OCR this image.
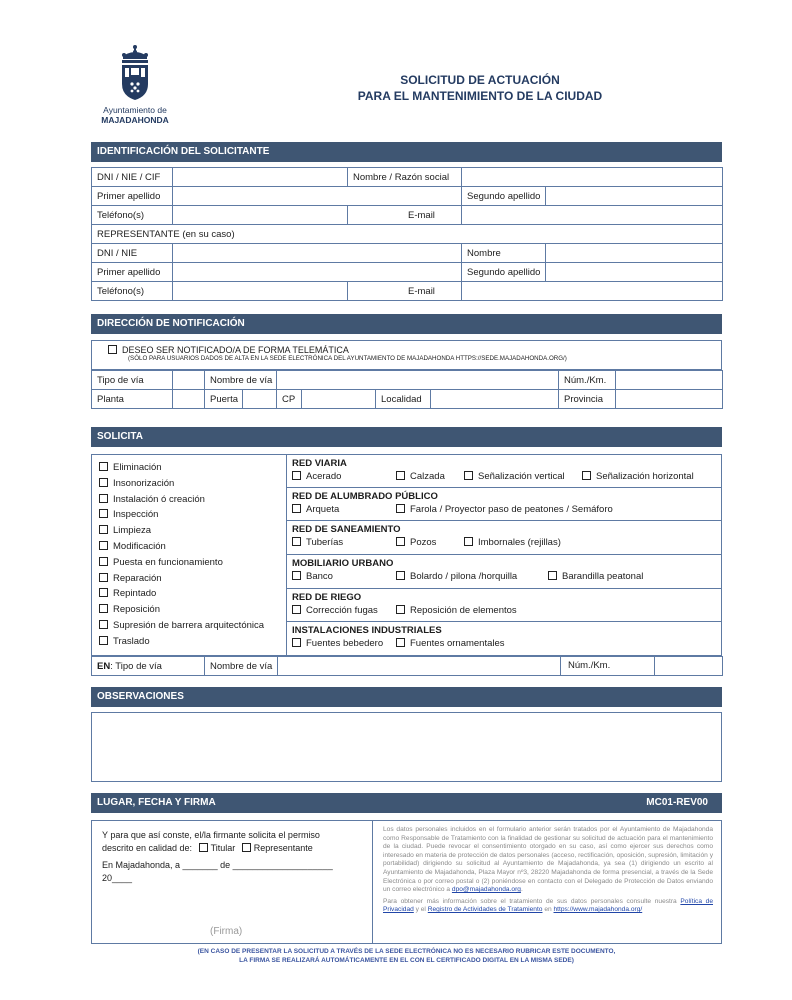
Ayuntamiento de
MAJADAHONDA
SOLICITUD DE ACTUACIÓN
PARA EL MANTENIMIENTO DE LA CIUDAD
IDENTIFICACIÓN DEL SOLICITANTE
DNI / NIE / CIF		Nombre / Razón social		
Primer apellido			Segundo apellido	
Teléfono(s)		E-mail		
REPRESENTANTE (en su caso)				
DNI / NIE			Nombre	
Primer apellido			Segundo apellido	
Teléfono(s)		E-mail		
DIRECCIÓN DE NOTIFICACIÓN
DESEO SER NOTIFICADO/A DE FORMA TELEMÁTICA
(SÓLO PARA USUARIOS DADOS DE ALTA EN LA SEDE ELECTRÓNICA DEL AYUNTAMIENTO DE MAJADAHONDA HTTPS://SEDE.MAJADAHONDA.ORG/)
Tipo de vía		Nombre de vía						Núm./Km.	
Planta		Puerta		CP		Localidad		Provincia	
SOLICITA
Eliminación
Insonorización
Instalación ó creación
Inspección
Limpieza
Modificación
Puesta en funcionamiento
Reparación
Repintado
Reposición
Supresión de barrera arquitectónica
Traslado
RED VIARIA
Acerado	Calzada	Señalización vertical	Señalización horizontal
RED DE ALUMBRADO PÚBLICO
Arqueta	Farola / Proyector paso de peatones / Semáforo
RED DE SANEAMIENTO
Tuberías	Pozos	Imbornales (rejillas)
MOBILIARIO URBANO
Banco	Bolardo / pilona /horquilla	Barandilla peatonal
RED DE RIEGO
Corrección fugas	Reposición de elementos
INSTALACIONES INDUSTRIALES
Fuentes bebedero	Fuentes ornamentales
EN: Tipo de vía	Nombre de vía	Núm./Km.

OBSERVACIONES
LUGAR, FECHA Y FIRMA	MC01-REV00
Y para que así conste, el/la firmante solicita el permiso
descrito en calidad de: Titular Representante
En Majadahonda, a _______ de ____________________ 20____
(Firma)

Los datos personales incluidos en el formulario anterior serán tratados por el Ayuntamiento de Majadahonda como Responsable de Tratamiento con la finalidad de gestionar su solicitud de actuación para el mantenimiento de la ciudad. Puede revocar el consentimiento otorgado en su caso, así como ejercer sus derechos como interesado en materia de protección de datos personales (acceso, rectificación, oposición, supresión, limitación y portabilidad) dirigiendo su solicitud al Ayuntamiento de Majadahonda, ya sea (1) dirigiendo un escrito al Ayuntamiento de Majadahonda, Plaza Mayor nº3, 28220 Majadahonda de forma presencial, a través de la Sede Electrónica o por correo postal o (2) poniéndose en contacto con el Delegado de Protección de Datos enviando un correo electrónico a dpo@majadahonda.org.

Para obtener más información sobre el tratamiento de sus datos personales consulte nuestra Política de Privacidad y el Registro de Actividades de Tratamiento en https://www.majadahonda.org/

(EN CASO DE PRESENTAR LA SOLICITUD A TRAVÉS DE LA SEDE ELECTRÓNICA NO ES NECESARIO RUBRICAR ESTE DOCUMENTO,
LA FIRMA SE REALIZARÁ AUTOMÁTICAMENTE EN EL CON EL CERTIFICADO DIGITAL EN LA MISMA SEDE)
